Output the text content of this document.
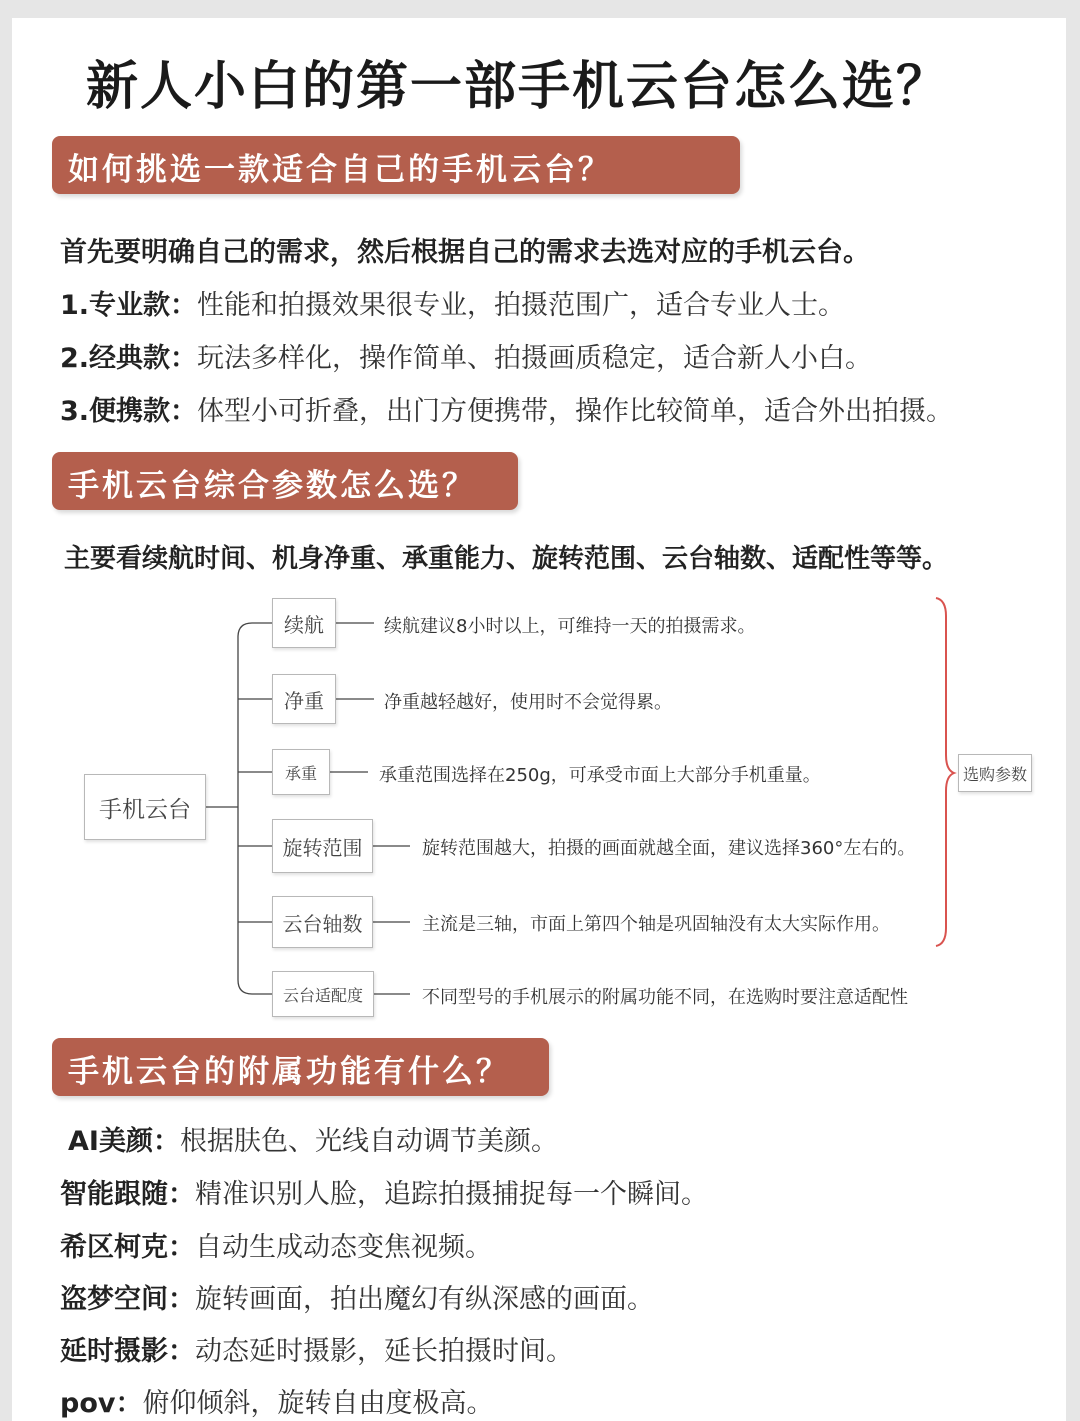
新人小白的第一部手机云台怎么选？
如何挑选一款适合自己的手机云台？
首先要明确自己的需求，然后根据自己的需求去选对应的手机云台。
1.专业款：性能和拍摄效果很专业，拍摄范围广，适合专业人士。
2.经典款：玩法多样化，操作简单、拍摄画质稳定，适合新人小白。
3.便携款：体型小可折叠，出门方便携带，操作比较简单，适合外出拍摄。
手机云台综合参数怎么选？
主要看续航时间、机身净重、承重能力、旋转范围、云台轴数、适配性等等。
手机云台
续航	续航建议8小时以上，可维持一天的拍摄需求。
净重	净重越轻越好，使用时不会觉得累。
承重	承重范围选择在250g，可承受市面上大部分手机重量。
旋转范围	旋转范围越大，拍摄的画面就越全面，建议选择360°左右的。
云台轴数	主流是三轴，市面上第四个轴是巩固轴没有太大实际作用。
云台适配度	不同型号的手机展示的附属功能不同，在选购时要注意适配性
选购参数
手机云台的附属功能有什么？
AI美颜：根据肤色、光线自动调节美颜。
智能跟随：精准识别人脸，追踪拍摄捕捉每一个瞬间。
希区柯克：自动生成动态变焦视频。
盗梦空间：旋转画面，拍出魔幻有纵深感的画面。
延时摄影：动态延时摄影，延长拍摄时间。
pov：俯仰倾斜，旋转自由度极高。
